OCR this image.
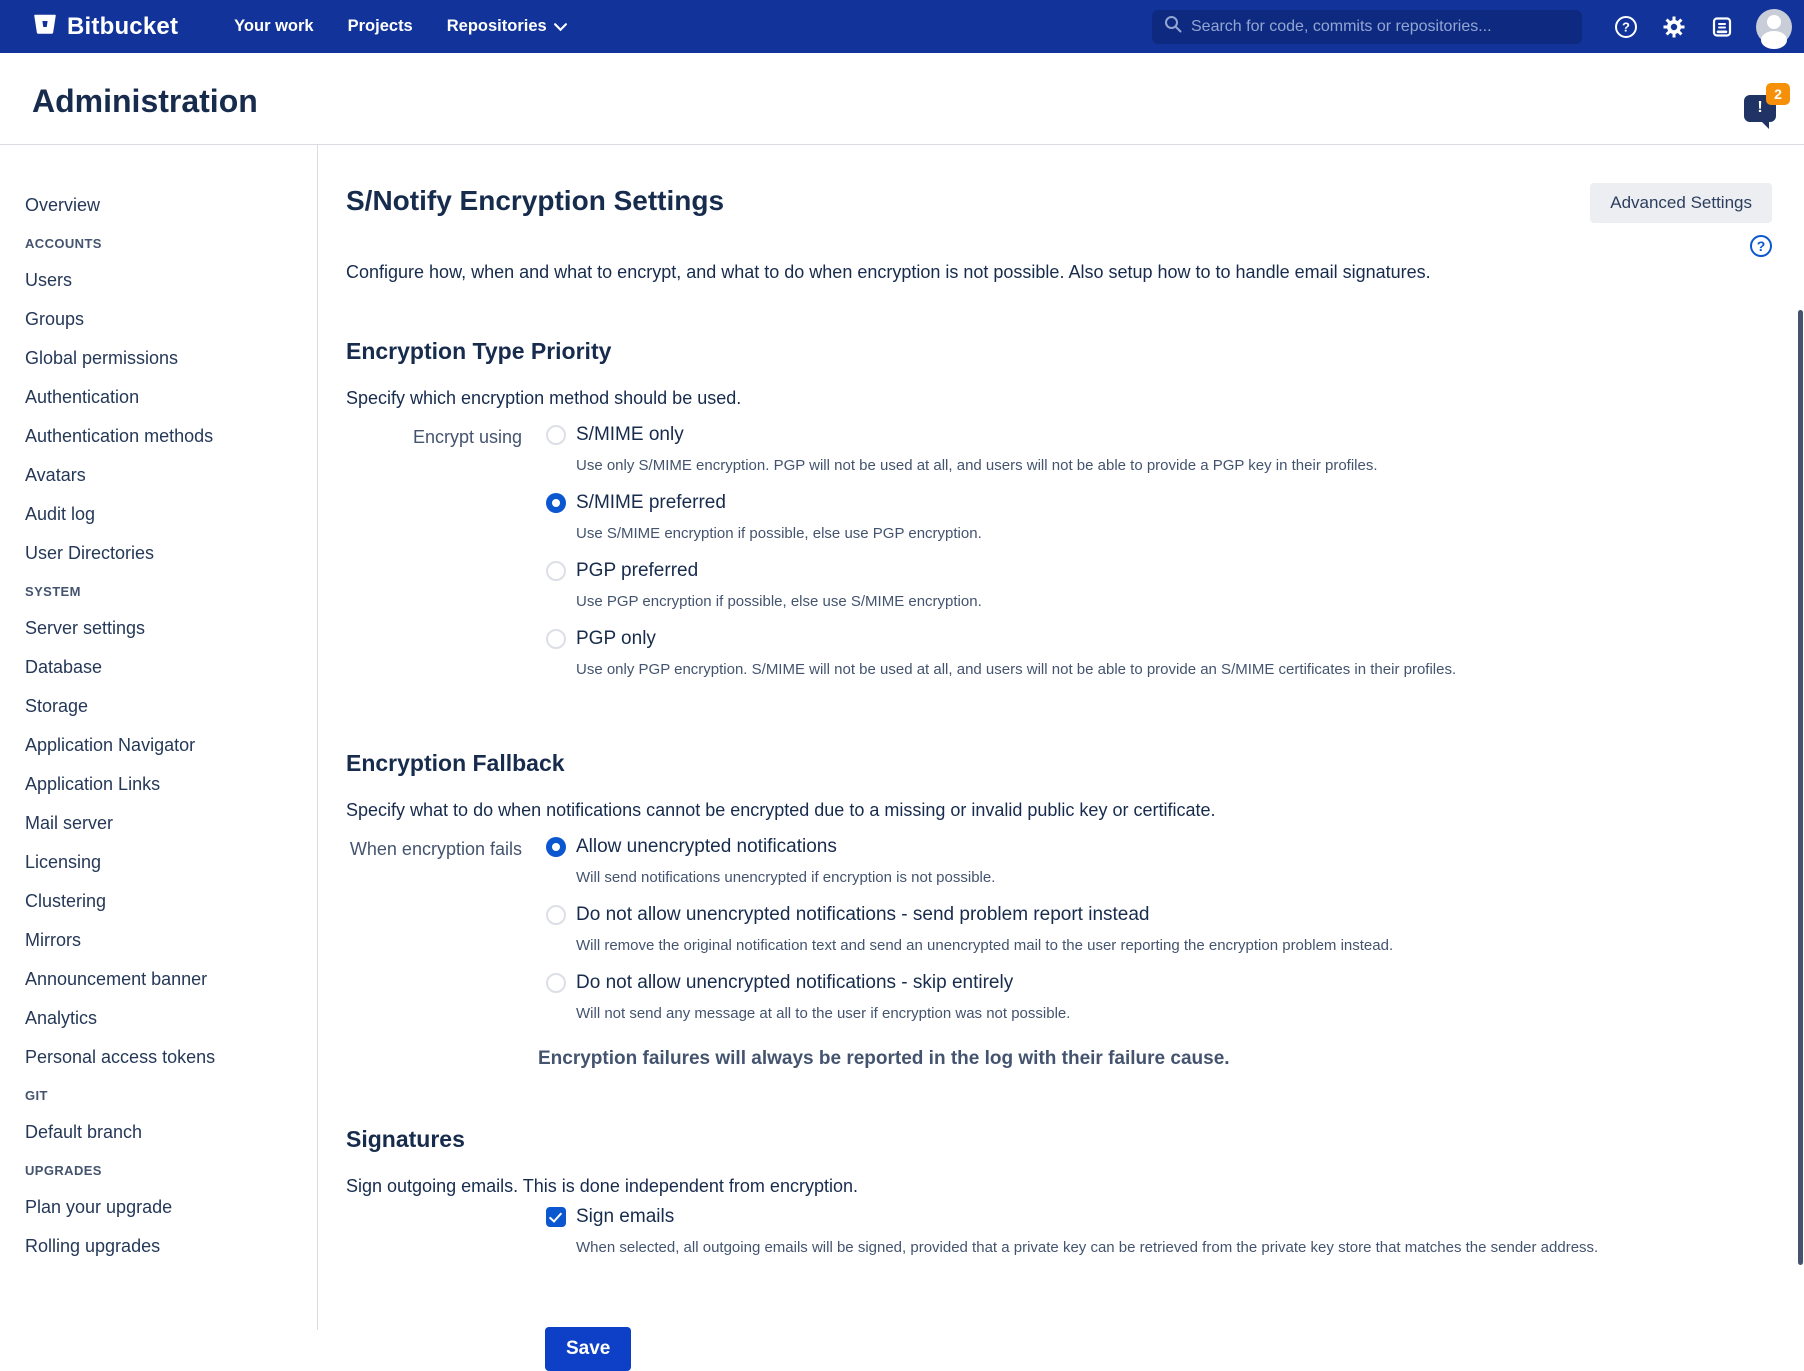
Bitbucket	Your work Projects Repositories
Search for code, commits or repositories...	?
Administration	!
2
Overview
ACCOUNTS
Users
Groups
Global permissions
Authentication
Authentication methods
Avatars
Audit log
User Directories
SYSTEM
Server settings
Database
Storage
Application Navigator
Application Links
Mail server
Licensing
Clustering
Mirrors
Announcement banner
Analytics
Personal access tokens
GIT
Default branch
UPGRADES
Plan your upgrade
Rolling upgrades
S/Notify Encryption Settings	Advanced Settings
?

Configure how, when and what to encrypt, and what to do when encryption is not possible. Also setup how to to handle email signatures.

Encryption Type Priority

Specify which encryption method should be used.

Encrypt using	S/MIME only
Use only S/MIME encryption. PGP will not be used at all, and users will not be able to provide a PGP key in their profiles.
S/MIME preferred
Use S/MIME encryption if possible, else use PGP encryption.
PGP preferred
Use PGP encryption if possible, else use S/MIME encryption.
PGP only
Use only PGP encryption. S/MIME will not be used at all, and users will not be able to provide an S/MIME certificates in their profiles.
Encryption Fallback

Specify what to do when notifications cannot be encrypted due to a missing or invalid public key or certificate.

When encryption fails	Allow unencrypted notifications
Will send notifications unencrypted if encryption is not possible.
Do not allow unencrypted notifications - send problem report instead
Will remove the original notification text and send an unencrypted mail to the user reporting the encryption problem instead.
Do not allow unencrypted notifications - skip entirely
Will not send any message at all to the user if encryption was not possible.
Encryption failures will always be reported in the log with their failure cause.
Signatures

Sign outgoing emails. This is done independent from encryption.

Sign emails
When selected, all outgoing emails will be signed, provided that a private key can be retrieved from the private key store that matches the sender address.
Save
